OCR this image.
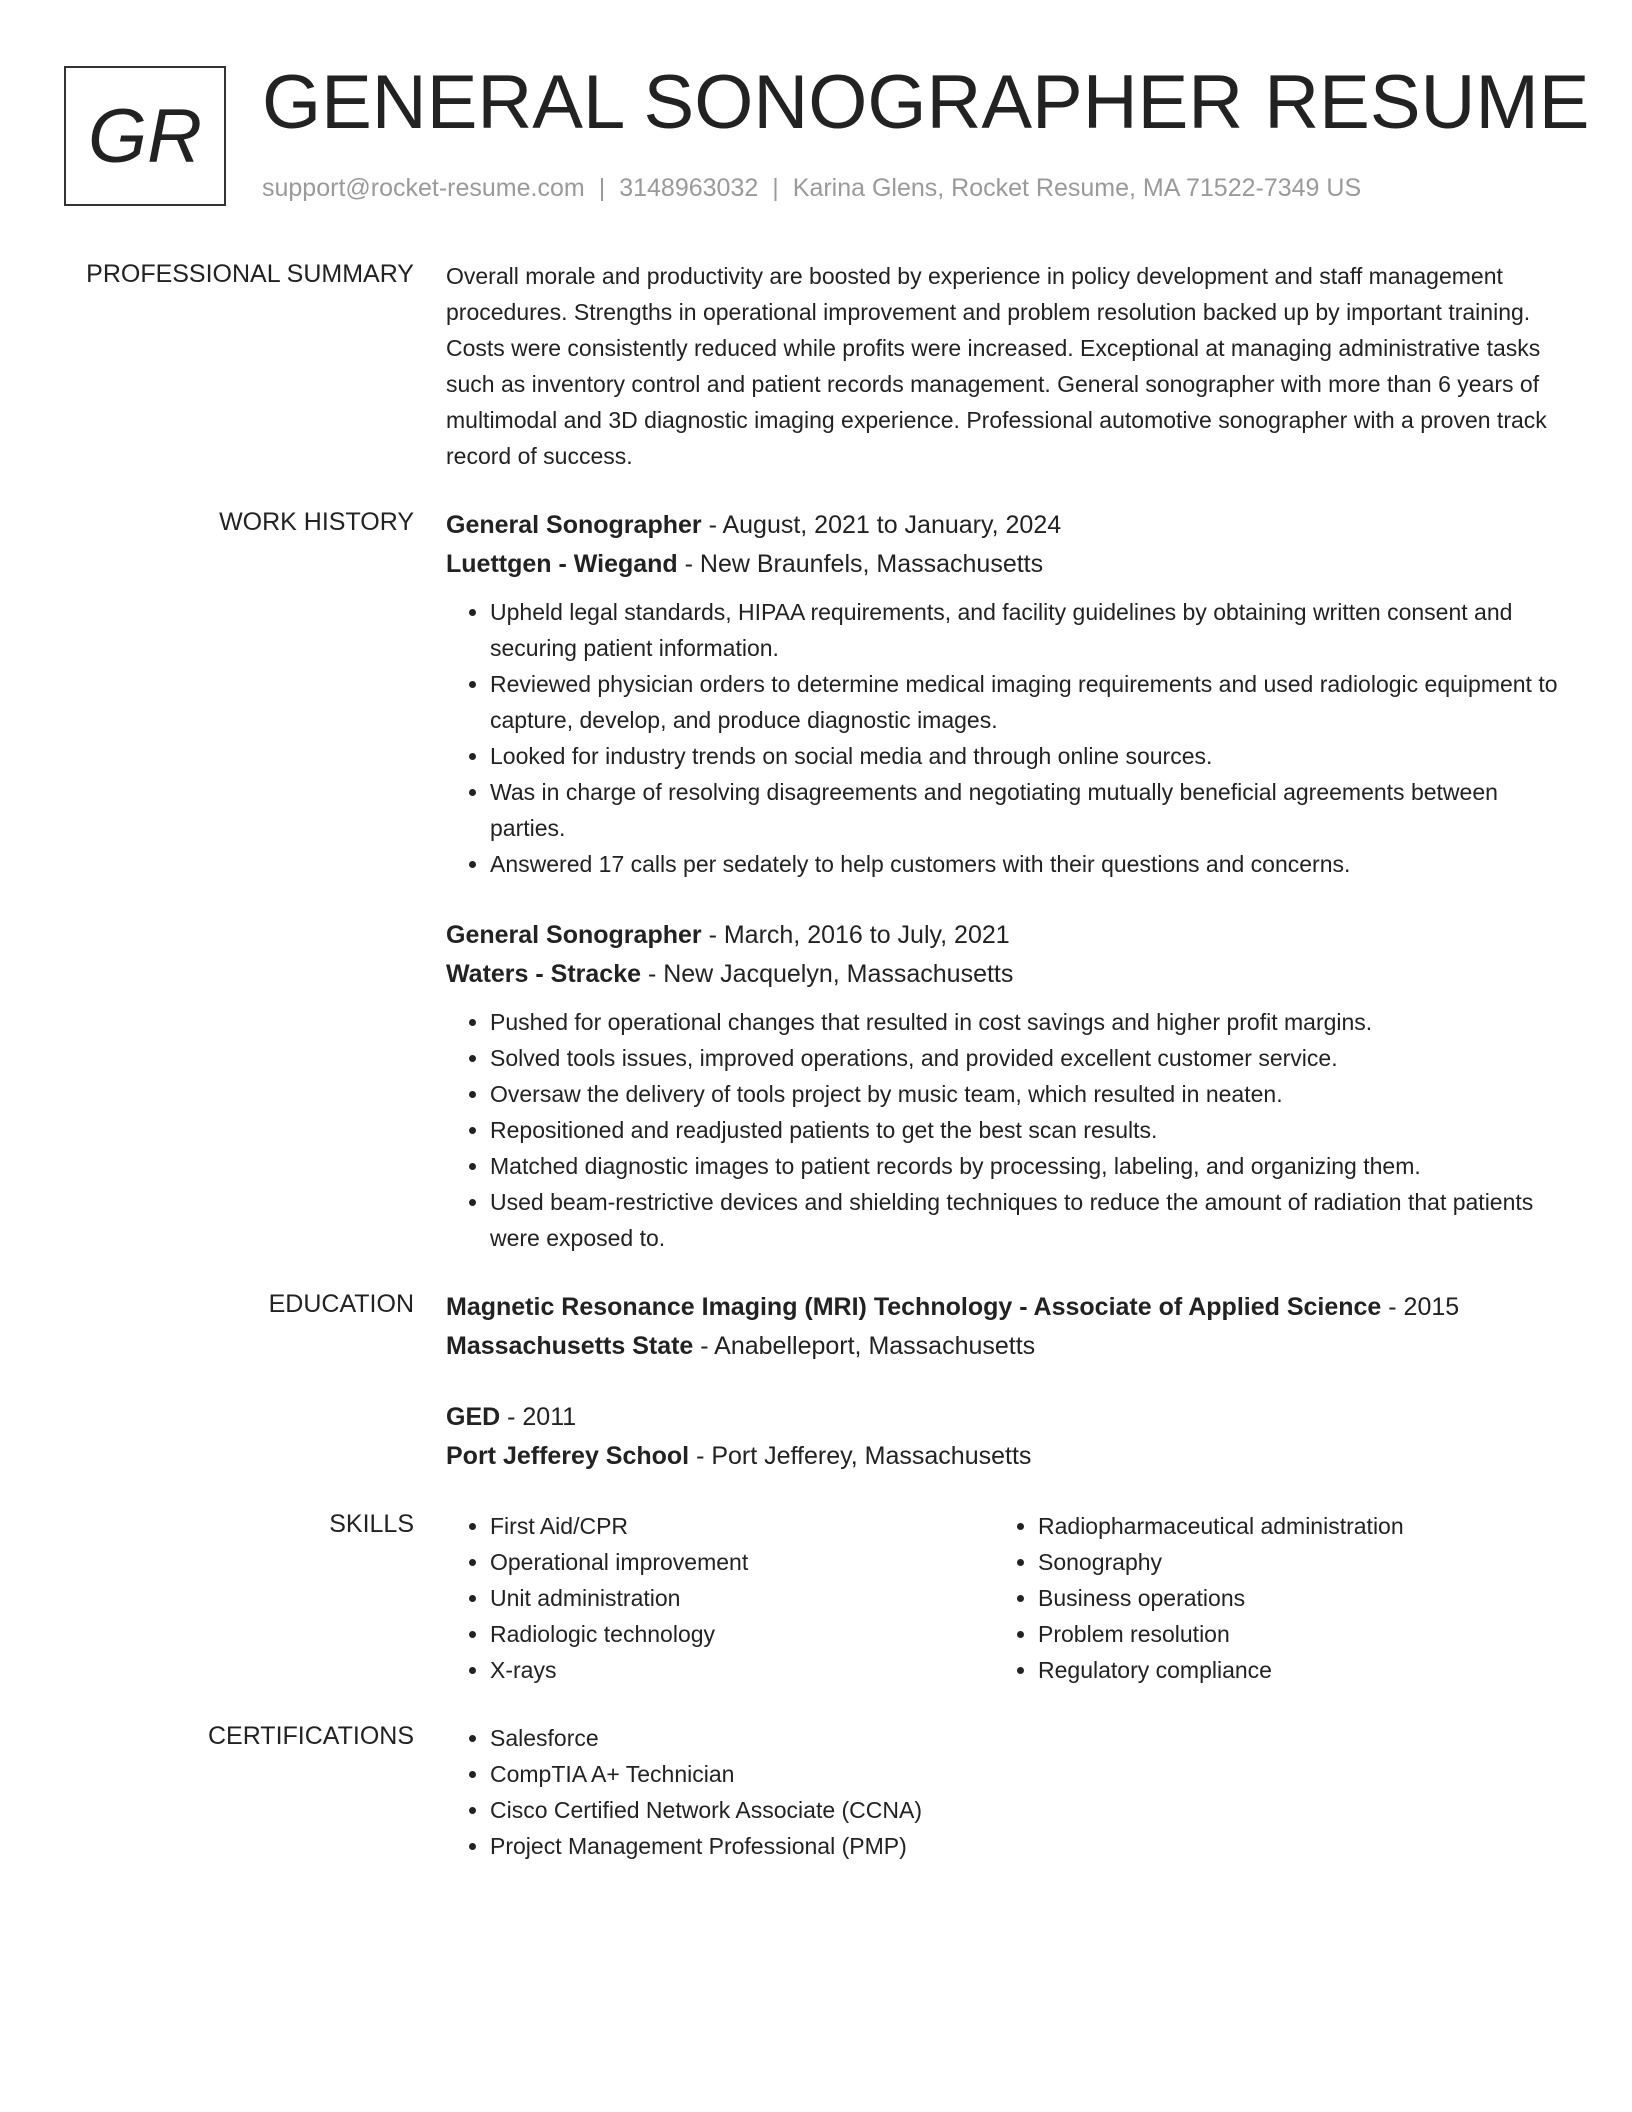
GR GENERAL SONOGRAPHER RESUME
support@rocket-resume.com | 3148963032 | Karina Glens, Rocket Resume, MA 71522-7349 US
PROFESSIONAL SUMMARY Overall morale and productivity are boosted by experience in policy development and staff management procedures. Strengths in operational improvement and problem resolution backed up by important training. Costs were consistently reduced while profits were increased. Exceptional at managing administrative tasks such as inventory control and patient records management. General sonographer with more than 6 years of multimodal and 3D diagnostic imaging experience. Professional automotive sonographer with a proven track record of success.

WORK HISTORY General Sonographer - August, 2021 to January, 2024
Luettgen - Wiegand - New Braunfels, Massachusetts
• Upheld legal standards, HIPAA requirements, and facility guidelines by obtaining written consent and securing patient information.
• Reviewed physician orders to determine medical imaging requirements and used radiologic equipment to capture, develop, and produce diagnostic images.
• Looked for industry trends on social media and through online sources.
• Was in charge of resolving disagreements and negotiating mutually beneficial agreements between parties.
• Answered 17 calls per sedately to help customers with their questions and concerns.
General Sonographer - March, 2016 to July, 2021
Waters - Stracke - New Jacquelyn, Massachusetts
• Pushed for operational changes that resulted in cost savings and higher profit margins.
• Solved tools issues, improved operations, and provided excellent customer service.
• Oversaw the delivery of tools project by music team, which resulted in neaten.
• Repositioned and readjusted patients to get the best scan results.
• Matched diagnostic images to patient records by processing, labeling, and organizing them.
• Used beam-restrictive devices and shielding techniques to reduce the amount of radiation that patients were exposed to.
EDUCATION Magnetic Resonance Imaging (MRI) Technology - Associate of Applied Science - 2015
Massachusetts State - Anabelleport, Massachusetts
GED - 2011
Port Jefferey School - Port Jefferey, Massachusetts
SKILLS	• First Aid/CPR
• Operational improvement
• Unit administration
• Radiologic technology
• X-rays
• Radiopharmaceutical administration
• Sonography
• Business operations
• Problem resolution
• Regulatory compliance
CERTIFICATIONS	• Salesforce
• CompTIA A+ Technician
• Cisco Certified Network Associate (CCNA)
• Project Management Professional (PMP)
